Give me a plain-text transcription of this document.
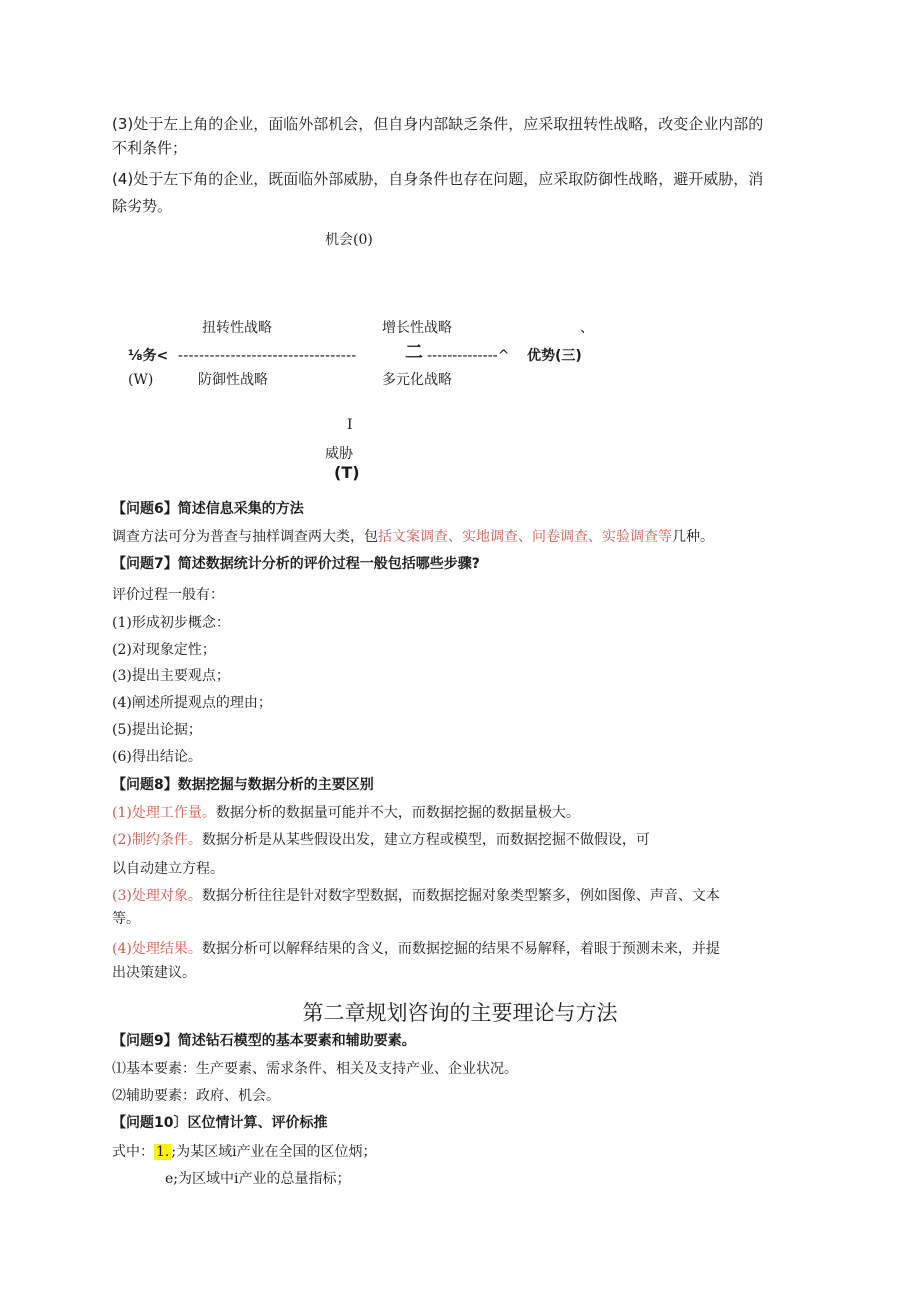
(3)处于左上角的企业，面临外部机会，但自身内部缺乏条件，应采取扭转性战略，改变企业内部的
不利条件；
(4)处于左下角的企业，既面临外部威胁，自身条件也存在问题，应采取防御性战略，避开威胁，消
除劣势。
机会(0)
扭转性战略	增长性战略	、
⅛务< ----------------------------------	二 --------------^ 优势(三)
(W)	防御性战略	多元化战略
I
威胁
(T)
【问题6】简述信息采集的方法
调查方法可分为普查与抽样调查两大类，包括文案调查、实地调查、问卷调查、实验调查等几种。
【问题7】简述数据统计分析的评价过程一般包括哪些步骤?
评价过程一般有：
(1)形成初步概念：
(2)对现象定性；
(3)提出主要观点；
(4)阐述所提观点的理由；
(5)提出论据；
(6)得出结论。
【问题8】数据挖掘与数据分析的主要区别
(1)处理工作量。数据分析的数据量可能并不大，而数据挖掘的数据量极大。
(2)制约条件。数据分析是从某些假设出发，建立方程或模型，而数据挖掘不做假设，可
以自动建立方程。
(3)处理对象。数据分析往往是针对数字型数据，而数据挖掘对象类型繁多，例如图像、声音、文本
等。
(4)处理结果。数据分析可以解释结果的含义，而数据挖掘的结果不易解释，着眼于预测未来，并提
出决策建议。
第二章规划咨询的主要理论与方法
【问题9】简述钻石模型的基本要素和辅助要素。
⑴基本要素：生产要素、需求条件、相关及支持产业、企业状况。
⑵辅助要素：政府、机会。
【问题10〕区位情计算、评价标推
式中： 1. ;为某区域i产业在全国的区位炳；
e;为区域中i产业的总量指标；
